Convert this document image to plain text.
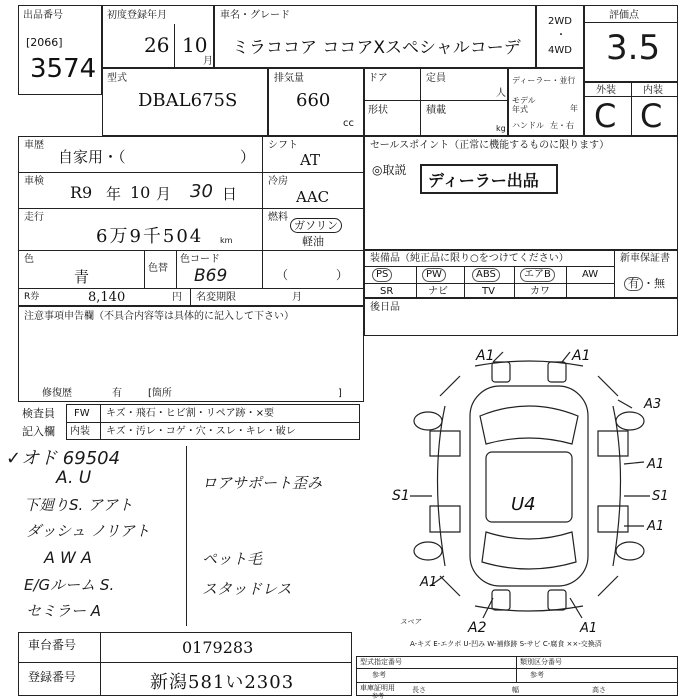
出品番号
[2066]
3574
初度登録年月
26 10
月
車名・グレード
ミラココア ココアXスペシャルコーデ
2WD
・
4WD
評価点
3.5
型式
DBAL675S
排気量
660
cc
ドア	定員
人
形状	積載
kg
ディーラー・並行
モデル年式	年
ハンドル 左・右
外装	内装
C C
車歴
自家用・（	）
シフト
AT
車検
R9 年 10 月 30 日
冷房
AAC
走行
6万9千504 km
燃料
ガソリン
軽油
色
青	色替
色コード
B69	（　　　　）
R券	8,140	円 名変期限	月
セールスポイント（正常に機能するものに限ります）
◎取説
ディーラー出品
装備品（純正品に限り○をつけてください）	新車保証書
有 ・無
PS	PW	ABS	エアB	AW
SR	ナビ	TV	カワ
後日品
注意事項申告欄（不具合内容等は具体的に記入して下さい）
修復歴	有	[箇所	]
検査員
記入欄
FW キズ・飛石・ヒビ割・リペア跡・×要
内装 キズ・汚レ・コゲ・穴・スレ・キレ・破レ
✓オド 69504
A. U
下廻りS. アアト
ダッシュ ノリアト
A W A
E/Gルーム S.
セミラー A
ロアサポート歪み
ペット毛
スタッドレス
A1	A1
A3
A1
S1
A1
S1	U4
A1
スペア	A2	A1
A-キズ E-エクボ U-凹み W-補修跡 S-サビ C-腐食 ××-交換済
車台番号	0179283
登録番号	新潟581い2303
型式指定番号
参考
類別区分番号
参考
車庫証明用
参考
長さ	幅	高さ
